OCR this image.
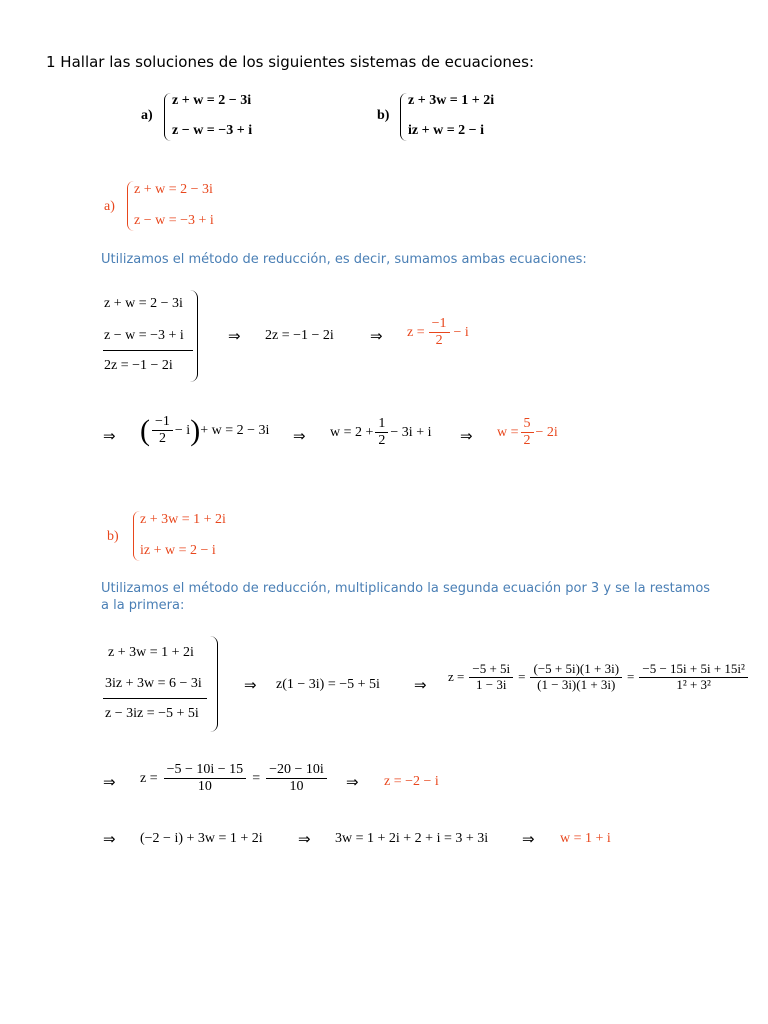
1 Hallar las soluciones de los siguientes sistemas de ecuaciones:
a)
z + w = 2 − 3i
z − w = −3 + i
b)
z + 3w = 1 + 2i
iz + w = 2 − i
a)
z + w = 2 − 3i
z − w = −3 + i
Utilizamos el método de reducción, es decir, sumamos ambas ecuaciones:
z + w = 2 − 3i
z − w = −3 + i
2z = −1 − 2i
⇒ 2z = −1 − 2i ⇒ $z = \frac{-1}{2} - i$
⇒ ( $\frac{-1}{2} - i$ ) + w = 2 − 3i ⇒ $w = 2 + \frac{1}{2} - 3i + i$ ⇒ $w = \frac{5}{2} - 2i$
b)
z + 3w = 1 + 2i
iz + w = 2 − i
Utilizamos el método de reducción, multiplicando la segunda ecuación por 3 y se la restamos
a la primera:
z + 3w = 1 + 2i
3iz + 3w = 6 − 3i
z − 3iz = −5 + 5i
⇒ z(1 − 3i) = −5 + 5i ⇒
$z = \frac{-5 + 5i}{1 - 3i} = \frac{(-5 + 5i)(1 + 3i)}{(1 - 3i)(1 + 3i)} = \frac{\text{−5 − 15i + 5i + 15i²}}{\text{1² + 3²}}$
⇒ $z = \frac{-5 - 10i - 15}{10} = \frac{-20 - 10i}{10}$ ⇒ z = −2 − i
⇒ (−2 − i) + 3w = 1 + 2i ⇒ 3w = 1 + 2i + 2 + i = 3 + 3i ⇒ w = 1 + i
